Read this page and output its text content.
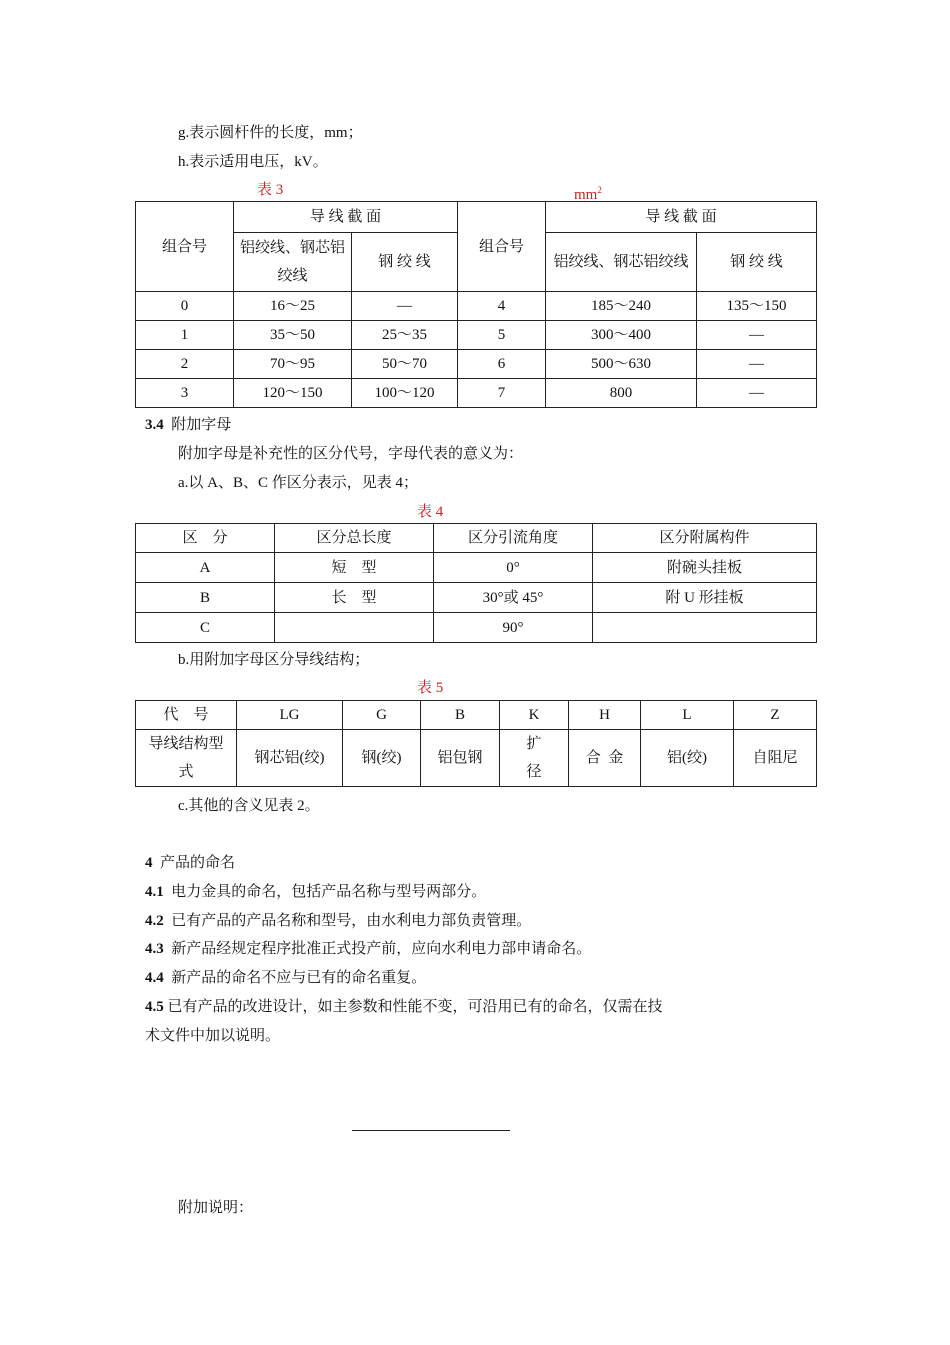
g.表示圆杆件的长度，mm；
h.表示适用电压，kV。
表 3	$mm^2$
组合号	导 线 截 面		组合号	导 线 截 面	
	铝绞线、钢芯铝绞线	钢 绞 线		铝绞线、钢芯铝绞线	钢 绞 线
0	16～25	—	4	185～240	135～150
1	35～50	25～35	5	300～400	—
2	70～95	50～70	6	500～630	—
3	120～150	100～120	7	800	—
3.4 附加字母
附加字母是补充性的区分代号，字母代表的意义为：
a.以 A、B、C 作区分表示，见表 4；
表 4
区    分	区分总长度	区分引流角度	区分附属构件
A	短    型	0°	附碗头挂板
B	长    型	30°或 45°	附 U 形挂板
C		90°	
b.用附加字母区分导线结构；
表 5
代    号	LG	G	B	K	H	L	Z
导线结构型式	钢芯铝(绞)	钢(绞)	铝包钢	扩径	合  金	铝(绞)	自阻尼
c.其他的含义见表 2。
4 产品的命名
4.1 电力金具的命名，包括产品名称与型号两部分。
4.2 已有产品的产品名称和型号，由水利电力部负责管理。
4.3 新产品经规定程序批准正式投产前，应向水利电力部申请命名。
4.4 新产品的命名不应与已有的命名重复。
4.5 已有产品的改进设计，如主参数和性能不变，可沿用已有的命名，仅需在技
术文件中加以说明。
附加说明：
